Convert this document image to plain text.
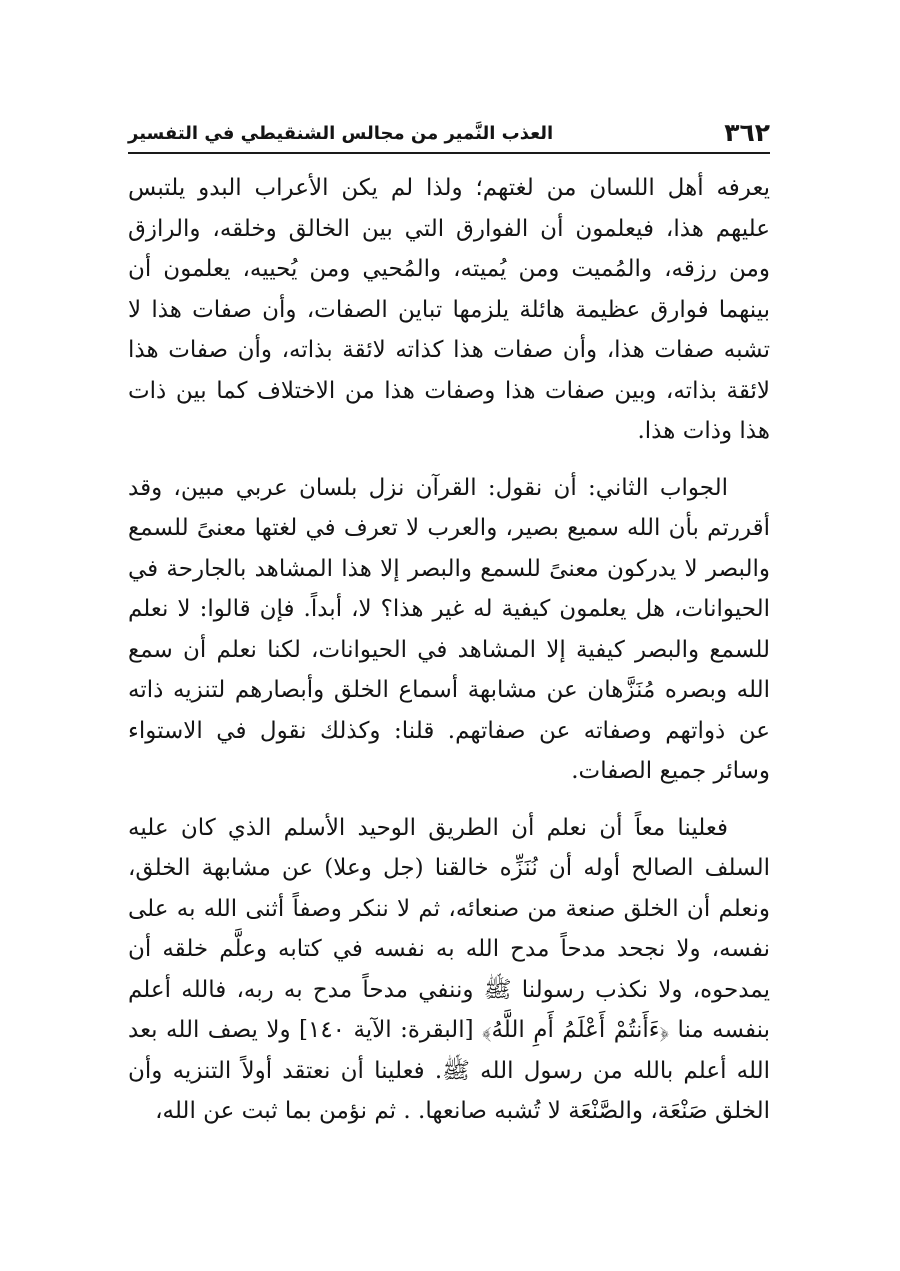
٣٦٢
العذب النَّمير من مجالس الشنقيطي في التفسير

يعرفه أهل اللسان من لغتهم؛ ولذا لم يكن الأعراب البدو يلتبس عليهم هذا، فيعلمون أن الفوارق التي بين الخالق وخلقه، والرازق ومن رزقه، والمُميت ومن يُميته، والمُحيي ومن يُحييه، يعلمون أن بينهما فوارق عظيمة هائلة يلزمها تباين الصفات، وأن صفات هذا لا تشبه صفات هذا، وأن صفات هذا كذاته لائقة بذاته، وأن صفات هذا لائقة بذاته، وبين صفات هذا وصفات هذا من الاختلاف كما بين ذات هذا وذات هذا.

الجواب الثاني: أن نقول: القرآن نزل بلسان عربي مبين، وقد أقررتم بأن الله سميع بصير، والعرب لا تعرف في لغتها معنىً للسمع والبصر لا يدركون معنىً للسمع والبصر إلا هذا المشاهد بالجارحة في الحيوانات، هل يعلمون كيفية له غير هذا؟ لا، أبداً. فإن قالوا: لا نعلم للسمع والبصر كيفية إلا المشاهد في الحيوانات، لكنا نعلم أن سمع الله وبصره مُنَزَّهان عن مشابهة أسماع الخلق وأبصارهم لتنزيه ذاته عن ذواتهم وصفاته عن صفاتهم. قلنا: وكذلك نقول في الاستواء وسائر جميع الصفات.

فعلينا معاً أن نعلم أن الطريق الوحيد الأسلم الذي كان عليه السلف الصالح أوله أن نُنَزِّه خالقنا (جل وعلا) عن مشابهة الخلق، ونعلم أن الخلق صنعة من صنعائه، ثم لا ننكر وصفاً أثنى الله به على نفسه، ولا نجحد مدحاً مدح الله به نفسه في كتابه وعلَّم خلقه أن يمدحوه، ولا نكذب رسولنا ﷺ وننفي مدحاً مدح به ربه، فالله أعلم بنفسه منا ﴿ءَأَنتُمْ أَعْلَمُ أَمِ اللَّهُ﴾ [البقرة: الآية ١٤٠] ولا يصف الله بعد الله أعلم بالله من رسول الله ﷺ. فعلينا أن نعتقد أولاً التنزيه وأن الخلق صَنْعَة، والصَّنْعَة لا تُشبه صانعها. . ثم نؤمن بما ثبت عن الله،
